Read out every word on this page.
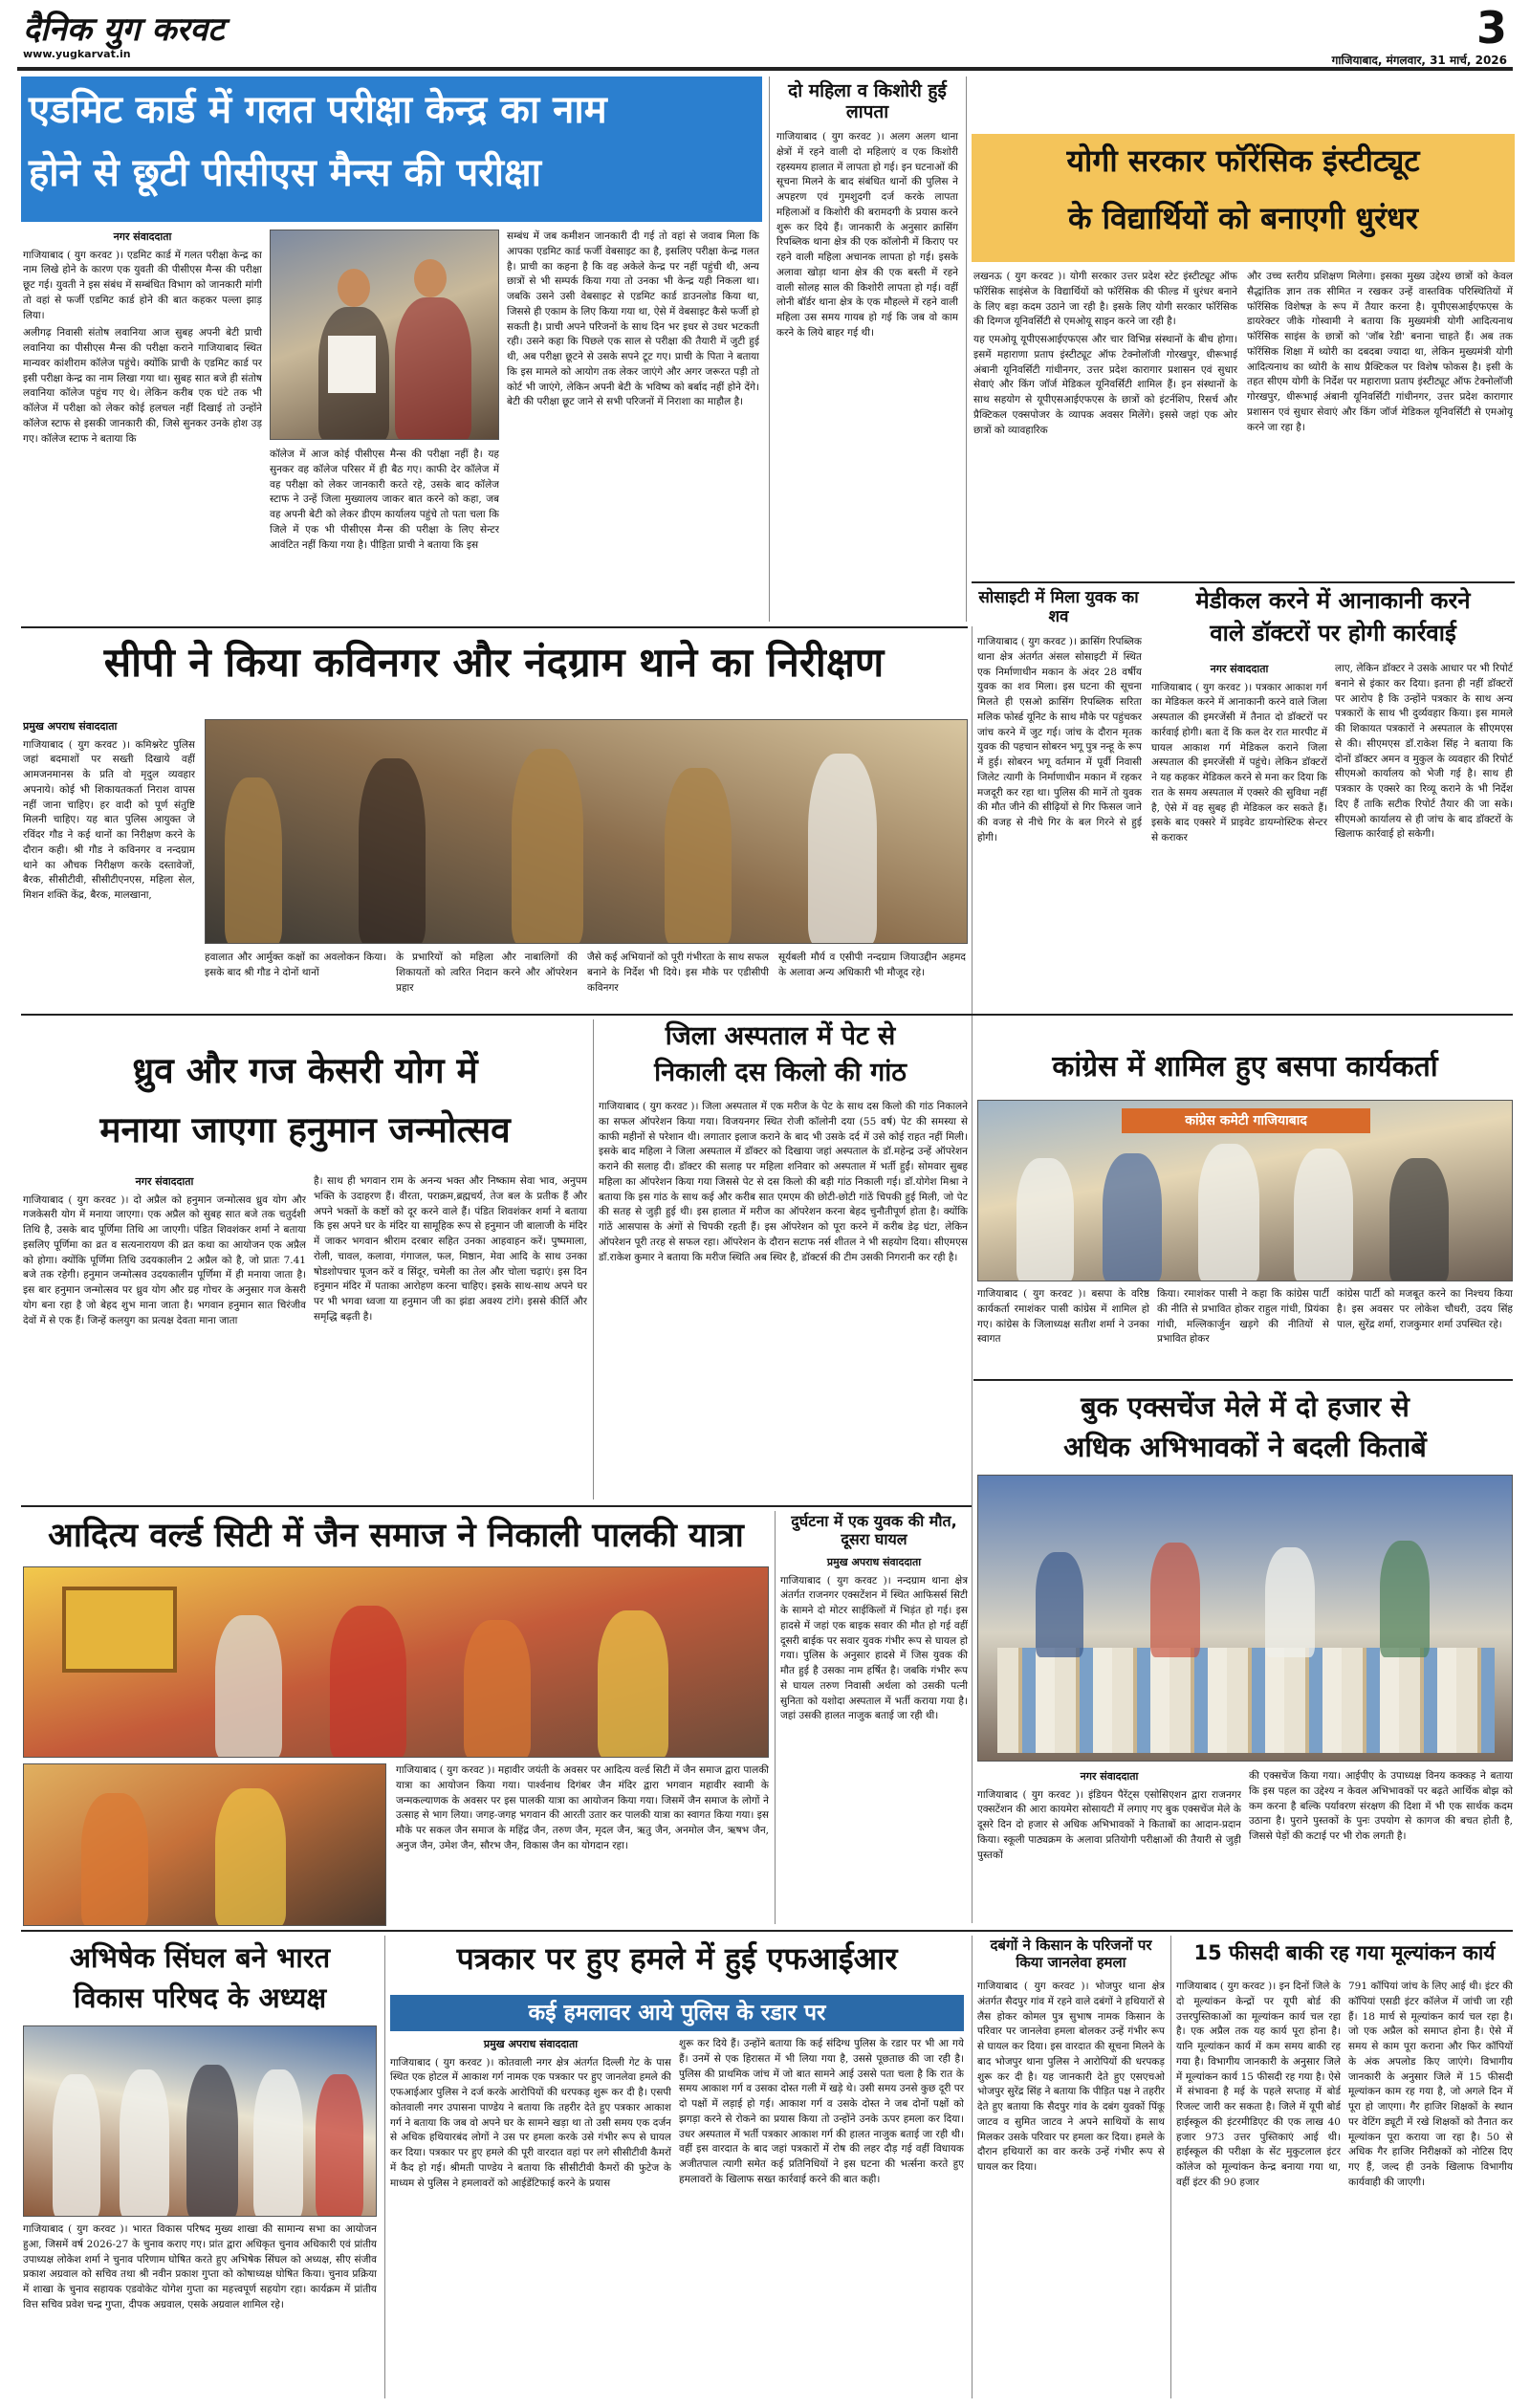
दैनिक युग करवट
www.yugkarvat.in
3
गाजियाबाद, मंगलवार, 31 मार्च, 2026
एडमिट कार्ड में गलत परीक्षा केन्द्र का नाम
होने से छूटी पीसीएस मैन्स की परीक्षा
नगर संवाददाता

गाजियाबाद ( युग करवट )। एडमिट कार्ड में गलत परीक्षा केन्द्र का नाम लिखे होने के कारण एक युवती की पीसीएस मैन्स की परीक्षा छूट गई। युवती ने इस संबंध में सम्बंधित विभाग को जानकारी मांगी तो वहां से फर्जी एडमिट कार्ड होने की बात कहकर पल्ला झाड़ लिया।

अलीगढ़ निवासी संतोष लवानिया आज सुबह अपनी बेटी प्राची लवानिया का पीसीएस मैन्स की परीक्षा कराने गाजियाबाद स्थित मान्यवर कांशीराम कॉलेज पहुंचे। क्योंकि प्राची के एडमिट कार्ड पर इसी परीक्षा केन्द्र का नाम लिखा गया था। सुबह सात बजे ही संतोष लवानिया कॉलेज पहुंच गए थे। लेकिन करीब एक घंटे तक भी कॉलेज में परीक्षा को लेकर कोई हलचल नहीं दिखाई तो उन्होंने कॉलेज स्टाफ से इसकी जानकारी की, जिसे सुनकर उनके होश उड़ गए। कॉलेज स्टाफ ने बताया कि

कॉलेज में आज कोई पीसीएस मैन्स की परीक्षा नहीं है। यह सुनकर वह कॉलेज परिसर में ही बैठ गए। काफी देर कॉलेज में वह परीक्षा को लेकर जानकारी करते रहे, उसके बाद कॉलेज स्टाफ ने उन्हें जिला मुख्यालय जाकर बात करने को कहा, जब वह अपनी बेटी को लेकर डीएम कार्यालय पहुंचे तो पता चला कि जिले में एक भी पीसीएस मैन्स की परीक्षा के लिए सेन्टर आवंटित नहीं किया गया है। पीड़िता प्राची ने बताया कि इस
सम्बंध में जब कमीशन जानकारी दी गई तो वहां से जवाब मिला कि आपका एडमिट कार्ड फर्जी वेबसाइट का है, इसलिए परीक्षा केन्द्र गलत है। प्राची का कहना है कि वह अकेले केन्द्र पर नहीं पहुंची थी, अन्य छात्रों से भी सम्पर्क किया गया तो उनका भी केन्द्र यही निकला था। जबकि उसने उसी वेबसाइट से एडमिट कार्ड डाउनलोड किया था, जिससे ही एकाम के लिए किया गया था, ऐसे में वेबसाइट कैसे फर्जी हो सकती है। प्राची अपने परिजनों के साथ दिन भर इधर से उधर भटकती रही। उसने कहा कि पिछले एक साल से परीक्षा की तैयारी में जुटी हुई थी, अब परीक्षा छूटने से उसके सपने टूट गए। प्राची के पिता ने बताया कि इस मामले को आयोग तक लेकर जाएंगे और अगर जरूरत पड़ी तो कोर्ट भी जाएंगे, लेकिन अपनी बेटी के भविष्य को बर्बाद नहीं होने देंगे। बेटी की परीक्षा छूट जाने से सभी परिजनों में निराशा का माहौल है।
दो महिला व किशोरी हुई लापता
गाजियाबाद ( युग करवट )। अलग अलग थाना क्षेत्रों में रहने वाली दो महिलाएं व एक किशोरी रहस्यमय हालात में लापता हो गई। इन घटनाओं की सूचना मिलने के बाद संबंधित थानों की पुलिस ने अपहरण एवं गुमशुदगी दर्ज करके लापता महिलाओं व किशोरी की बरामदगी के प्रयास करने शुरू कर दिये हैं। जानकारी के अनुसार क्रासिंग रिपब्लिक थाना क्षेत्र की एक कॉलोनी में किराए पर रहने वाली महिला अचानक लापता हो गई। इसके अलावा खोड़ा थाना क्षेत्र की एक बस्ती में रहने वाली सोलह साल की किशोरी लापता हो गई। वहीं लोनी बॉर्डर थाना क्षेत्र के एक मौहल्ले में रहने वाली महिला उस समय गायब हो गई कि जब वो काम करने के लिये बाहर गई थी।
योगी सरकार फॉरेंसिक इंस्टीट्यूट
के विद्यार्थियों को बनाएगी धुरंधर

लखनऊ ( युग करवट )। योगी सरकार उत्तर प्रदेश स्टेट इंस्टीट्यूट ऑफ फॉरेंसिक साइंसेज के विद्यार्थियों को फॉरेंसिक की फील्ड में धुरंधर बनाने के लिए बड़ा कदम उठाने जा रही है। इसके लिए योगी सरकार फॉरेंसिक की दिग्गज यूनिवर्सिटी से एमओयू साइन करने जा रही है।

यह एमओयू यूपीएसआईएफएस और चार विभिन्न संस्थानों के बीच होगा। इसमें महाराणा प्रताप इंस्टीट्यूट ऑफ टेक्नोलॉजी गोरखपुर, धीरूभाई अंबानी यूनिवर्सिटी गांधीनगर, उत्तर प्रदेश कारागार प्रशासन एवं सुधार सेवाएं और किंग जॉर्ज मेडिकल यूनिवर्सिटी शामिल हैं। इन संस्थानों के साथ सहयोग से यूपीएसआईएफएस के छात्रों को इंटर्नशिप, रिसर्च और प्रैक्टिकल एक्सपोजर के व्यापक अवसर मिलेंगे। इससे जहां एक ओर छात्रों को व्यावहारिक

और उच्च स्तरीय प्रशिक्षण मिलेगा। इसका मुख्य उद्देश्य छात्रों को केवल सैद्धांतिक ज्ञान तक सीमित न रखकर उन्हें वास्तविक परिस्थितियों में फॉरेंसिक विशेषज्ञ के रूप में तैयार करना है। यूपीएसआईएफएस के डायरेक्टर जीके गोस्वामी ने बताया कि मुख्यमंत्री योगी आदित्यनाथ फॉरेंसिक साइंस के छात्रों को 'जॉब रेडी' बनाना चाहते हैं। अब तक फॉरेंसिक शिक्षा में थ्योरी का दबदबा ज्यादा था, लेकिन मुख्यमंत्री योगी आदित्यनाथ का थ्योरी के साथ प्रैक्टिकल पर विशेष फोकस है। इसी के तहत सीएम योगी के निर्देश पर महाराणा प्रताप इंस्टीट्यूट ऑफ टेक्नोलॉजी गोरखपुर, धीरूभाई अंबानी यूनिवर्सिटी गांधीनगर, उत्तर प्रदेश कारागार प्रशासन एवं सुधार सेवाएं और किंग जॉर्ज मेडिकल यूनिवर्सिटी से एमओयू करने जा रहा है।
सीपी ने किया कविनगर और नंदग्राम थाने का निरीक्षण
प्रमुख अपराध संवाददाता

गाजियाबाद ( युग करवट )। कमिश्नरेट पुलिस जहां बदमाशों पर सख्ती दिखाये वहीं आमजनमानस के प्रति वो मृदुल व्यवहार अपनाये। कोई भी शिकायतकर्ता निराश वापस नहीं जाना चाहिए। हर वादी को पूर्ण संतुष्टि मिलनी चाहिए। यह बात पुलिस आयुक्त जे रविंदर गौड ने कई थानों का निरीक्षण करने के दौरान कही। श्री गौड ने कविनगर व नन्दग्राम थाने का औचक निरीक्षण करके दस्तावेजों, बैरक, सीसीटीवी, सीसीटीएनएस, महिला सेल, मिशन शक्ति केंद्र, बैरक, मालखाना,

हवालात और आर्मुक्त कक्षों का अवलोकन किया। इसके बाद श्री गौड ने दोनों थानों
के प्रभारियों को महिला और नाबालिगों की शिकायतों को त्वरित निदान करने और ऑपरेशन प्रहार
जैसे कई अभियानों को पूरी गंभीरता के साथ सफल बनाने के निर्देश भी दिये। इस मौके पर एडीसीपी कविनगर
सूर्यबली मौर्य व एसीपी नन्दग्राम जियाउद्दीन अहमद के अलावा अन्य अधिकारी भी मौजूद रहे।
सोसाइटी में मिला युवक का शव
गाजियाबाद ( युग करवट )। क्रासिंग रिपब्लिक थाना क्षेत्र अंतर्गत अंसल सोसाइटी में स्थित एक निर्माणाधीन मकान के अंदर 28 वर्षीय युवक का शव मिला। इस घटना की सूचना मिलते ही एसओ क्रासिंग रिपब्लिक सरिता मलिक फोर्स्ड यूनिट के साथ मौके पर पहुंचकर जांच करने में जुट गई। जांच के दौरान मृतक युवक की पहचान सोबरन भगू पुत्र नन्हू के रूप में हुई। सोबरन भगू वर्तमान में पूर्वी निवासी जिलेट त्यागी के निर्माणाधीन मकान में रहकर मजदूरी कर रहा था। पुलिस की मानें तो युवक की मौत जीने की सीढ़ियों से गिर फिसल जाने की वजह से नीचे गिर के बल गिरने से हुई होगी।
मेडीकल करने में आनाकानी करने
वाले डॉक्टरों पर होगी कार्रवाई
नगर संवाददाता

गाजियाबाद ( युग करवट )। पत्रकार आकाश गर्ग का मेडिकल करने में आनाकानी करने वाले जिला अस्पताल की इमरजेंसी में तैनात दो डॉक्टरों पर कार्रवाई होगी। बता दें कि कल देर रात मारपीट में घायल आकाश गर्ग मेडिकल कराने जिला अस्पताल की इमरजेंसी में पहुंचे। लेकिन डॉक्टरों ने यह कहकर मेडिकल करने से मना कर दिया कि रात के समय अस्पताल में एक्सरे की सुविधा नहीं है, ऐसे में वह सुबह ही मेडिकल कर सकते हैं। इसके बाद एक्सरे में प्राइवेट डायग्नोस्टिक सेन्टर से कराकर

लाए, लेकिन डॉक्टर ने उसके आधार पर भी रिपोर्ट बनाने से इंकार कर दिया। इतना ही नहीं डॉक्टरों पर आरोप है कि उन्होंने पत्रकार के साथ अन्य पत्रकारों के साथ भी दुर्व्यवहार किया। इस मामले की शिकायत पत्रकारों ने अस्पताल के सीएमएस से की। सीएमएस डॉ.राकेश सिंह ने बताया कि दोनों डॉक्टर अमन व मुकुल के व्यवहार की रिपोर्ट सीएमओ कार्यालय को भेजी गई है। साथ ही पत्रकार के एक्सरे का रिव्यू कराने के भी निर्देश दिए हैं ताकि सटीक रिपोर्ट तैयार की जा सके। सीएमओ कार्यालय से ही जांच के बाद डॉक्टरों के खिलाफ कार्रवाई हो सकेगी।
ध्रुव और गज केसरी योग में
मनाया जाएगा हनुमान जन्मोत्सव
नगर संवाददाता

गाजियाबाद ( युग करवट )। दो अप्रैल को हनुमान जन्मोत्सव ध्रुव योग और गजकेसरी योग में मनाया जाएगा। एक अप्रैल को सुबह सात बजे तक चतुर्दशी तिथि है, उसके बाद पूर्णिमा तिथि आ जाएगी। पंडित शिवशंकर शर्मा ने बताया इसलिए पूर्णिमा का व्रत व सत्यनारायण की व्रत कथा का आयोजन एक अप्रैल को होगा। क्योंकि पूर्णिमा तिथि उदयकालीन 2 अप्रैल को है, जो प्रातः 7.41 बजे तक रहेगी। हनुमान जन्मोत्सव उदयकालीन पूर्णिमा में ही मनाया जाता है। इस बार हनुमान जन्मोत्सव पर ध्रुव योग और ग्रह गोचर के अनुसार गज केसरी योग बना रहा है जो बेहद शुभ माना जाता है। भगवान हनुमान सात चिरंजीव देवों में से एक हैं। जिन्हें कलयुग का प्रत्यक्ष देवता माना जाता

है। साथ ही भगवान राम के अनन्य भक्त और निष्काम सेवा भाव, अनुपम भक्ति के उदाहरण हैं। वीरता, पराक्रम,ब्रह्मचर्य, तेज बल के प्रतीक हैं और अपने भक्तों के कष्टों को दूर करने वाले हैं। पंडित शिवशंकर शर्मा ने बताया कि इस अपने घर के मंदिर या सामूहिक रूप से हनुमान जी बालाजी के मंदिर में जाकर भगवान श्रीराम दरबार सहित उनका आहवाहन करें। पुष्पमाला, रोली, चावल, कलावा, गंगाजल, फल, मिष्ठान, मेवा आदि के साथ उनका षोडशोपचार पूजन करें व सिंदूर, चमेली का तेल और चोला चढ़ाएं। इस दिन हनुमान मंदिर में पताका आरोहण करना चाहिए। इसके साथ-साथ अपने घर पर भी भगवा ध्वजा या हनुमान जी का झंडा अवश्य टांगे। इससे कीर्ति और समृद्धि बढ़ती है।
जिला अस्पताल में पेट से
निकाली दस किलो की गांठ
गाजियाबाद ( युग करवट )। जिला अस्पताल में एक मरीज के पेट के साथ दस किलो की गांठ निकालने का सफल ऑपरेशन किया गया। विजयनगर स्थित रोजी कॉलोनी दया (55 वर्ष) पेट की समस्या से काफी महीनों से परेशान थी। लगातार इलाज कराने के बाद भी उसके दर्द में उसे कोई राहत नहीं मिली। इसके बाद महिला ने जिला अस्पताल में डॉक्टर को दिखाया जहां अस्पताल के डॉ.महेन्द्र उन्हें ऑपरेशन कराने की सलाह दी। डॉक्टर की सलाह पर महिला शनिवार को अस्पताल में भर्ती हुईं। सोमवार सुबह महिला का ऑपरेशन किया गया जिससे पेट से दस किलो की बड़ी गांठ निकाली गई। डॉ.योगेश मिश्रा ने बताया कि इस गांठ के साथ कई और करीब सात एमएम की छोटी-छोटी गांठें चिपकी हुई मिली, जो पेट की सतह से जुड़ी हुई थी। इस हालात में मरीज का ऑपरेशन करना बेहद चुनौतीपूर्ण होता है। क्योंकि गांठें आसपास के अंगों से चिपकी रहती हैं। इस ऑपरेशन को पूरा करने में करीब डेढ़ घंटा, लेकिन ऑपरेशन पूरी तरह से सफल रहा। ऑपरेशन के दौरान सटाफ नर्स शीतल ने भी सहयोग दिया। सीएमएस डॉ.राकेश कुमार ने बताया कि मरीज स्थिति अब स्थिर है, डॉक्टर्स की टीम उसकी निगरानी कर रही है।
कांग्रेस में शामिल हुए बसपा कार्यकर्ता
कांग्रेस कमेटी गाजियाबाद
गाजियाबाद ( युग करवट )। बसपा के वरिष्ठ कार्यकर्ता रमाशंकर पासी कांग्रेस में शामिल हो गए। कांग्रेस के जिलाध्यक्ष सतीश शर्मा ने उनका स्वागत
किया। रमाशंकर पासी ने कहा कि कांग्रेस पार्टी की नीति से प्रभावित होकर राहुल गांधी, प्रियंका गांधी, मल्लिकार्जुन खड़गे की नीतियों से प्रभावित होकर
कांग्रेस पार्टी को मजबूत करने का निश्चय किया है। इस अवसर पर लोकेश चौधरी, उदय सिंह पाल, सुरेंद्र शर्मा, राजकुमार शर्मा उपस्थित रहे।
बुक एक्सचेंज मेले में दो हजार से
अधिक अभिभावकों ने बदली किताबें
नगर संवाददाता

गाजियाबाद ( युग करवट )। इंडियन पैरेंट्स एसोसिएशन द्वारा राजनगर एक्सटेंशन की आरा कायमेरा सोसायटी में लगाए गए बुक एक्सचेंज मेले के दूसरे दिन दो हजार से अधिक अभिभावकों ने किताबों का आदान-प्रदान किया। स्कूली पाठ्यक्रम के अलावा प्रतियोगी परीक्षाओं की तैयारी से जुड़ी पुस्तकों

की एक्सचेंज किया गया। आईपीए के उपाध्यक्ष विनय कक्कड़ ने बताया कि इस पहल का उद्देश्य न केवल अभिभावकों पर बढ़ते आर्थिक बोझ को कम करना है बल्कि पर्यावरण संरक्षण की दिशा में भी एक सार्थक कदम उठाना है। पुराने पुस्तकों के पुनः उपयोग से कागज की बचत होती है, जिससे पेड़ों की कटाई पर भी रोक लगती है।
आदित्य वर्ल्ड सिटी में जैन समाज ने निकाली पालकी यात्रा
गाजियाबाद ( युग करवट )। महावीर जयंती के अवसर पर आदित्य वर्ल्ड सिटी में जैन समाज द्वारा पालकी यात्रा का आयोजन किया गया। पार्श्वनाथ दिगंबर जैन मंदिर द्वारा भगवान महावीर स्वामी के जन्मकल्याणक के अवसर पर इस पालकी यात्रा का आयोजन किया गया। जिसमें जैन समाज के लोगों ने उत्साह से भाग लिया। जगह-जगह भगवान की आरती उतार कर पालकी यात्रा का स्वागत किया गया। इस मौके पर सकल जैन समाज के महिंद्र जैन, तरुण जैन, मृदल जैन, ऋतु जैन, अनमोल जैन, ऋषभ जैन, अनुज जैन, उमेश जैन, सौरभ जैन, विकास जैन का योगदान रहा।
दुर्घटना में एक युवक की मौत, दूसरा घायल
प्रमुख अपराध संवाददाता

गाजियाबाद ( युग करवट )। नन्दग्राम थाना क्षेत्र अंतर्गत राजनगर एक्सटेंशन में स्थित आफिसर्स सिटी के सामने दो मोटर साईकिलों में भिड़ंत हो गई। इस हादसे में जहां एक बाइक सवार की मौत हो गई वहीं दूसरी बाईक पर सवार युवक गंभीर रूप से घायल हो गया। पुलिस के अनुसार हादसे में जिस युवक की मौत हुई है उसका नाम हर्षित है। जबकि गंभीर रूप से घायल तरुण निवासी अर्थला को उसकी पत्नी सुनिता को यशोदा अस्पताल में भर्ती कराया गया है। जहां उसकी हालत नाजुक बताई जा रही थी।

अभिषेक सिंघल बने भारत
विकास परिषद के अध्यक्ष
गाजियाबाद ( युग करवट )। भारत विकास परिषद मुख्य शाखा की सामान्य सभा का आयोजन हुआ, जिसमें वर्ष 2026-27 के चुनाव कराए गए। प्रांत द्वारा अधिकृत चुनाव अधिकारी एवं प्रांतीय उपाध्यक्ष लोकेश शर्मा ने चुनाव परिणाम घोषित करते हुए अभिषेक सिंघल को अध्यक्ष, सीए संजीव प्रकाश अग्रवाल को सचिव तथा श्री नवीन प्रकाश गुप्ता को कोषाध्यक्ष घोषित किया। चुनाव प्रक्रिया में शाखा के चुनाव सहायक एडवोकेट योगेश गुप्ता का महत्त्वपूर्ण सहयोग रहा। कार्यक्रम में प्रांतीय वित्त सचिव प्रवेश चन्द्र गुप्ता, दीपक अग्रवाल, एसके अग्रवाल शामिल रहे।
पत्रकार पर हुए हमले में हुई एफआईआर
कई हमलावर आये पुलिस के रडार पर
प्रमुख अपराध संवाददाता

गाजियाबाद ( युग करवट )। कोतवाली नगर क्षेत्र अंतर्गत दिल्ली गेट के पास स्थित एक होटल में आकाश गर्ग नामक एक पत्रकार पर हुए जानलेवा हमले की एफआईआर पुलिस ने दर्ज करके आरोपियों की धरपकड़ शुरू कर दी है। एसपी कोतवाली नगर उपासना पाण्डेय ने बताया कि तहरीर देते हुए पत्रकार आकाश गर्ग ने बताया कि जब वो अपने घर के सामने खड़ा था तो उसी समय एक दर्जन से अधिक हथियारबंद लोगों ने उस पर हमला करके उसे गंभीर रूप से घायल कर दिया। पत्रकार पर हुए हमले की पूरी वारदात वहां पर लगे सीसीटीवी कैमरों में कैद हो गई। श्रीमती पाण्डेय ने बताया कि सीसीटीवी कैमरों की फुटेज के माध्यम से पुलिस ने हमलावरों को आईडेंटिफाई करने के प्रयास

शुरू कर दिये हैं। उन्होंने बताया कि कई संदिग्ध पुलिस के रडार पर भी आ गये हैं। उनमें से एक हिरासत में भी लिया गया है, उससे पूछताछ की जा रही है। पुलिस की प्राथमिक जांच में जो बात सामने आई उससे पता चला है कि रात के समय आकाश गर्ग व उसका दोस्त गली में खड़े थे। उसी समय उनसे कुछ दूरी पर दो पक्षों में लड़ाई हो गई। आकाश गर्ग व उसके दोस्त ने जब दोनों पक्षों को झगड़ा करने से रोकने का प्रयास किया तो उन्होंने उनके ऊपर हमला कर दिया। उधर अस्पताल में भर्ती पत्रकार आकाश गर्ग की हालत नाजुक बताई जा रही थी। वहीं इस वारदात के बाद जहां पत्रकारों में रोष की लहर दौड़ गई वहीं विधायक अजीतपाल त्यागी समेत कई प्रतिनिधियों ने इस घटना की भर्त्सना करते हुए हमलावरों के खिलाफ सख्त कार्रवाई करने की बात कही।
दबंगों ने किसान के परिजनों पर किया जानलेवा हमला
गाजियाबाद ( युग करवट )। भोजपुर थाना क्षेत्र अंतर्गत सैदपुर गांव में रहने वाले दबंगों ने हथियारों से लैस होकर कोमल पुत्र सुभाष नामक किसान के परिवार पर जानलेवा हमला बोलकर उन्हें गंभीर रूप से घायल कर दिया। इस वारदात की सूचना मिलने के बाद भोजपुर थाना पुलिस ने आरोपियों की धरपकड़ शुरू कर दी है। यह जानकारी देते हुए एसएचओ भोजपुर सुरेंद्र सिंह ने बताया कि पीड़ित पक्ष ने तहरीर देते हुए बताया कि सैदपुर गांव के दबंग युवकों पिंकू जाटव व सुमित जाटव ने अपने साथियों के साथ मिलकर उसके परिवार पर हमला कर दिया। हमले के दौरान हथियारों का वार करके उन्हें गंभीर रूप से घायल कर दिया।
15 फीसदी बाकी रह गया मूल्यांकन कार्य
गाजियाबाद ( युग करवट )। इन दिनों जिले के दो मूल्यांकन केन्द्रों पर यूपी बोर्ड की उत्तरपुस्तिकाओं का मूल्यांकन कार्य चल रहा है। एक अप्रैल तक यह कार्य पूरा होना है। यानि मूल्यांकन कार्य में कम समय बाकी रह गया है। विभागीय जानकारी के अनुसार जिले में मूल्यांकन कार्य 15 फीसदी रह गया है। ऐसे में संभावना है मई के पहले सप्ताह में बोर्ड रिजल्ट जारी कर सकता है। जिले में यूपी बोर्ड हाईस्कूल की इंटरमीडिएट की एक लाख 40 हजार 973 उत्तर पुस्तिकाएं आई थी। हाईस्कूल की परीक्षा के सेंट मुकुटलाल इंटर कॉलेज को मूल्यांकन केन्द्र बनाया गया था, वहीं इंटर की 90 हजार
791 कॉपियां जांच के लिए आई थी। इंटर की कॉपियां एसडी इंटर कॉलेज में जांची जा रही हैं। 18 मार्च से मूल्यांकन कार्य चल रहा है। जो एक अप्रैल को समाप्त होना है। ऐसे में समय से काम पूरा कराना और फिर कॉपियों के अंक अपलोड किए जाएंगे। विभागीय जानकारी के अनुसार जिले में 15 फीसदी मूल्यांकन काम रह गया है, जो अगले दिन में पूरा हो जाएगा। गैर हाजिर शिक्षकों के स्थान पर वेटिंग ड्यूटी में रखे शिक्षकों को तैनात कर मूल्यांकन पूरा कराया जा रहा है। 50 से अधिक गैर हाजिर निरीक्षकों को नोटिस दिए गए हैं, जल्द ही उनके खिलाफ विभागीय कार्यवाही की जाएगी।
